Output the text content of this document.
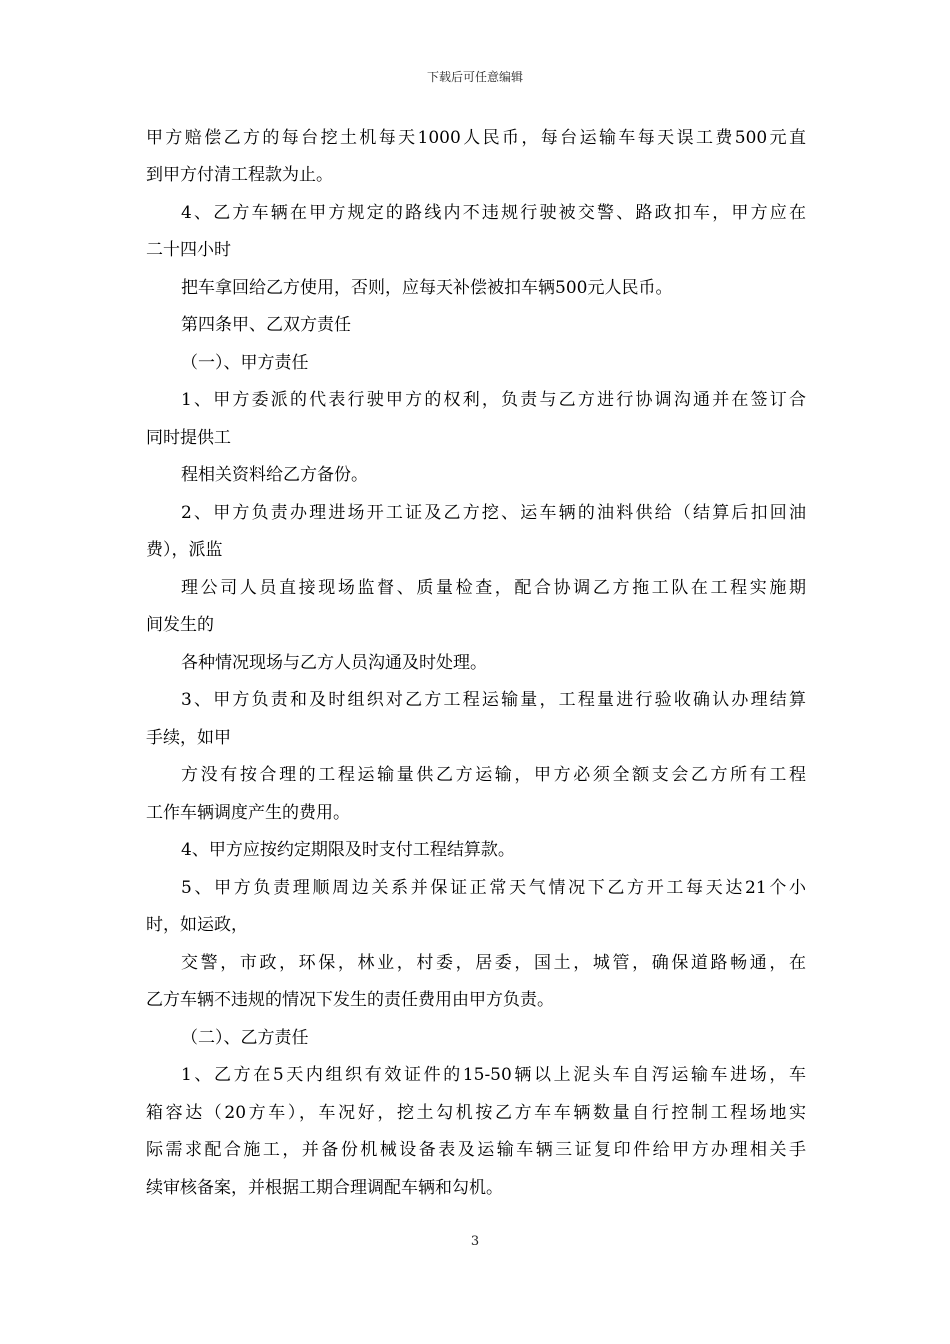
下载后可任意编辑
甲方赔偿乙方的每台挖土机每天1000人民币，每台运输车每天误工费500元直
到甲方付清工程款为止。
4、乙方车辆在甲方规定的路线内不违规行驶被交警、路政扣车，甲方应在
二十四小时
把车拿回给乙方使用，否则，应每天补偿被扣车辆500元人民币。
第四条甲、乙双方责任
（一）、甲方责任
1、甲方委派的代表行驶甲方的权利，负责与乙方进行协调沟通并在签订合
同时提供工
程相关资料给乙方备份。
2、甲方负责办理进场开工证及乙方挖、运车辆的油料供给（结算后扣回油
费），派监
理公司人员直接现场监督、质量检查，配合协调乙方拖工队在工程实施期
间发生的
各种情况现场与乙方人员沟通及时处理。
3、甲方负责和及时组织对乙方工程运输量，工程量进行验收确认办理结算
手续，如甲
方没有按合理的工程运输量供乙方运输，甲方必须全额支会乙方所有工程
工作车辆调度产生的费用。
4、甲方应按约定期限及时支付工程结算款。
5、甲方负责理顺周边关系并保证正常天气情况下乙方开工每天达21个小
时，如运政，
交警，市政，环保，林业，村委，居委，国土，城管，确保道路畅通，在
乙方车辆不违规的情况下发生的责任费用由甲方负责。
（二）、乙方责任
1、乙方在5天内组织有效证件的15-50辆以上泥头车自泻运输车进场，车
箱容达（20方车），车况好，挖土勾机按乙方车车辆数量自行控制工程场地实
际需求配合施工，并备份机械设备表及运输车辆三证复印件给甲方办理相关手
续审核备案，并根据工期合理调配车辆和勾机。
3
